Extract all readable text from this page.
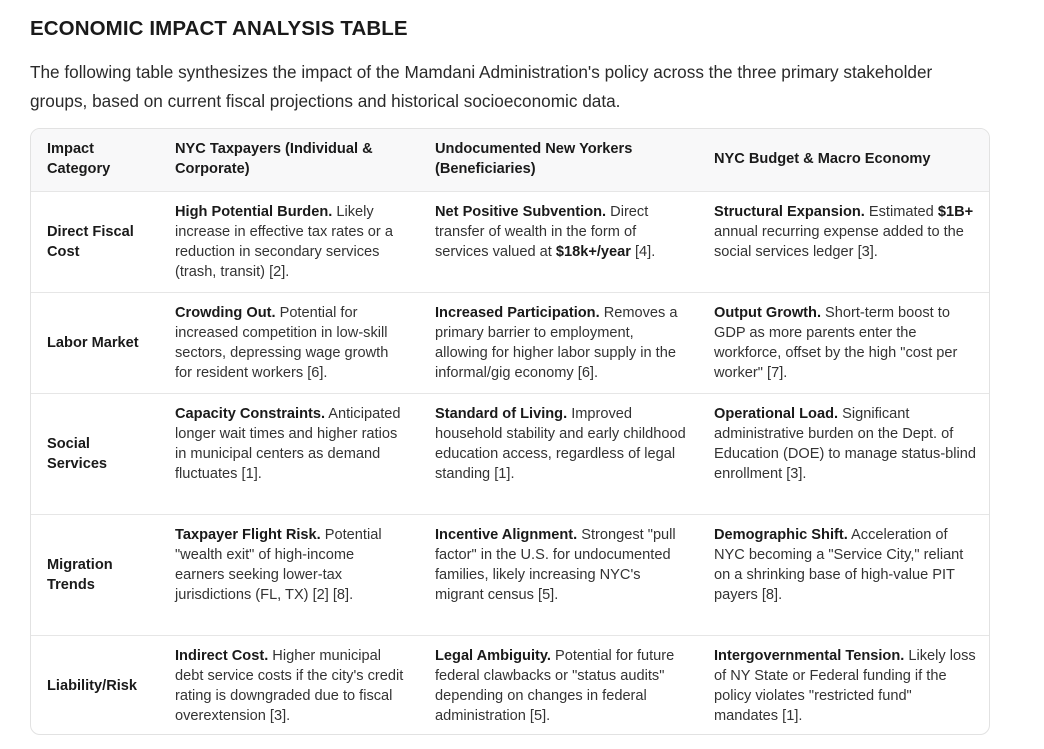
ECONOMIC IMPACT ANALYSIS TABLE

The following table synthesizes the impact of the Mamdani Administration's policy across the three primary stakeholder groups, based on current fiscal projections and historical socioeconomic data.

Impact Category	NYC Taxpayers (Individual & Corporate)	Undocumented New Yorkers (Beneficiaries)	NYC Budget & Macro Economy
Direct Fiscal Cost	High Potential Burden. Likely increase in effective tax rates or a reduction in secondary services (trash, transit) [2].	Net Positive Subvention. Direct transfer of wealth in the form of services valued at $18k+/year [4].	Structural Expansion. Estimated $1B+ annual recurring expense added to the social services ledger [3].
Labor Market	Crowding Out. Potential for increased competition in low-skill sectors, depressing wage growth for resident workers [6].	Increased Participation. Removes a primary barrier to employment, allowing for higher labor supply in the informal/gig economy [6].	Output Growth. Short-term boost to GDP as more parents enter the workforce, offset by the high "cost per worker" [7].
Social Services	Capacity Constraints. Anticipated longer wait times and higher ratios in municipal centers as demand fluctuates [1].	Standard of Living. Improved household stability and early childhood education access, regardless of legal standing [1].	Operational Load. Significant administrative burden on the Dept. of Education (DOE) to manage status-blind enrollment [3].
Migration Trends	Taxpayer Flight Risk. Potential "wealth exit" of high-income earners seeking lower-tax jurisdictions (FL, TX) [2] [8].	Incentive Alignment. Strongest "pull factor" in the U.S. for undocumented families, likely increasing NYC's migrant census [5].	Demographic Shift. Acceleration of NYC becoming a "Service City," reliant on a shrinking base of high-value PIT payers [8].
Liability/Risk	Indirect Cost. Higher municipal debt service costs if the city's credit rating is downgraded due to fiscal overextension [3].	Legal Ambiguity. Potential for future federal clawbacks or "status audits" depending on changes in federal administration [5].	Intergovernmental Tension. Likely loss of NY State or Federal funding if the policy violates "restricted fund" mandates [1].
